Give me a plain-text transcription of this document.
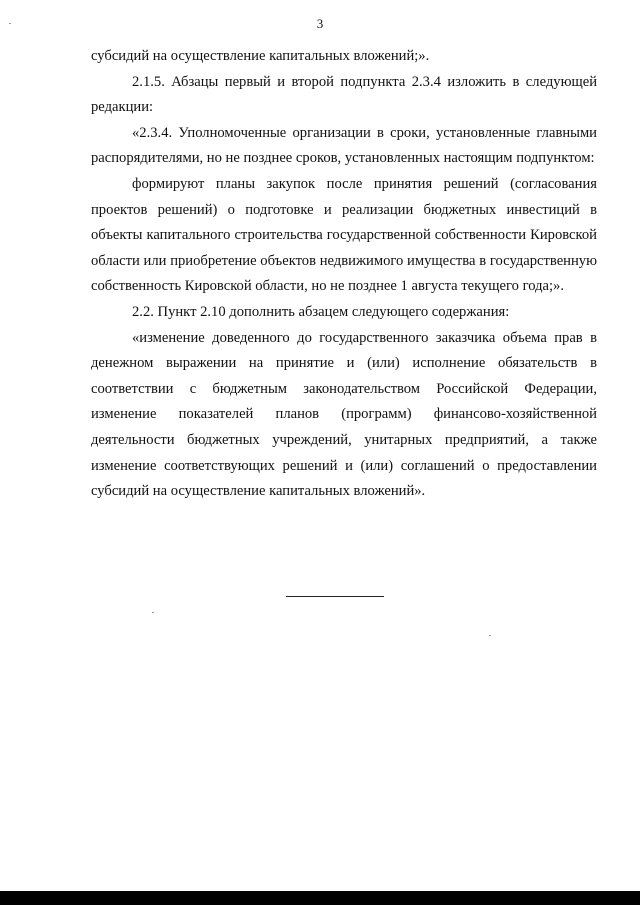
3

субсидий на осуществление капитальных вложений;».

2.1.5. Абзацы первый и второй подпункта 2.3.4 изложить в следующей редакции:

«2.3.4. Уполномоченные организации в сроки, установленные главными распорядителями, но не позднее сроков, установленных настоящим подпунктом:

формируют планы закупок после принятия решений (согласования проектов решений) о подготовке и реализации бюджетных инвестиций в объекты капитального строительства государственной собственности Кировской области или приобретение объектов недвижимого имущества в государственную собственность Кировской области, но не позднее 1 августа текущего года;».

2.2. Пункт 2.10 дополнить абзацем следующего содержания:

«изменение доведенного до государственного заказчика объема прав в денежном выражении на принятие и (или) исполнение обязательств в соответствии с бюджетным законодательством Российской Федерации, изменение показателей планов (программ) финансово-хозяйственной деятельности бюджетных учреждений, унитарных предприятий, а также изменение соответствующих решений и (или) соглашений о предоставлении субсидий на осуществление капитальных вложений».
